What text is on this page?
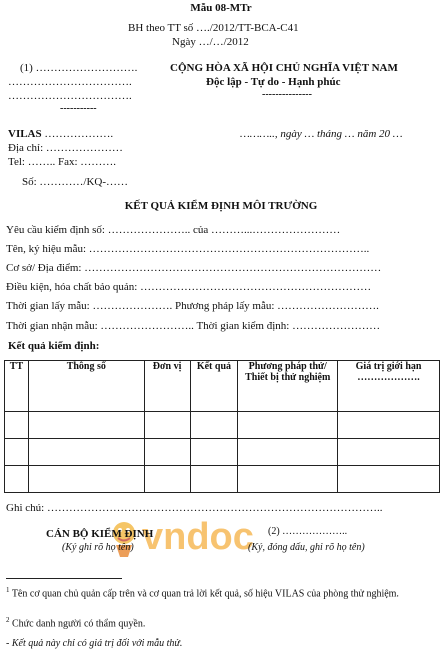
Mẫu 08-MTr
BH theo TT số …./2012/TT-BCA-C41
Ngày …/…/2012
(1) ……………………….
…………………………….
…………………………….
-----------
CỘNG HÒA XÃ HỘI CHỦ NGHĨA VIỆT NAM
Độc lập - Tự do - Hạnh phúc
---------------
VILAS ……………….	……….., ngày … tháng … năm 20 …
Địa chỉ: …………………
Tel: …….. Fax: ……….
Số: …………/KQ-……
KẾT QUẢ KIỂM ĐỊNH MÔI TRƯỜNG
Yêu cầu kiểm định số: ………………….. của ………...……………………
Tên, ký hiệu mẫu: …………………………………………………………………..
Cơ sở/ Địa điểm: ………………………………………………………………………
Điều kiện, hóa chất bảo quản: ………………………………………………………
Thời gian lấy mẫu: …………………. Phương pháp lấy mẫu: ……………………….
Thời gian nhận mẫu: …………………….. Thời gian kiểm định: ……………………
Kết quả kiểm định:
TT	Thông số	Đơn vị	Kết quả	Phương pháp thử/ Thiết bị thử nghiệm	Giá trị giới hạn ……………….

Ghi chú: ………………………………………………………………………………..
vndoc
CÁN BỘ KIỂM ĐỊNH
(Ký ghi rõ họ tên)
(2) ………………..
(Ký, đóng dấu, ghi rõ họ tên)
$^1$ Tên cơ quan chủ quản cấp trên và cơ quan trả lời kết quả, số hiệu VILAS của phòng thử nghiệm.
$^2$ Chức danh người có thẩm quyền.
- Kết quả này chỉ có giá trị đối với mẫu thử.
